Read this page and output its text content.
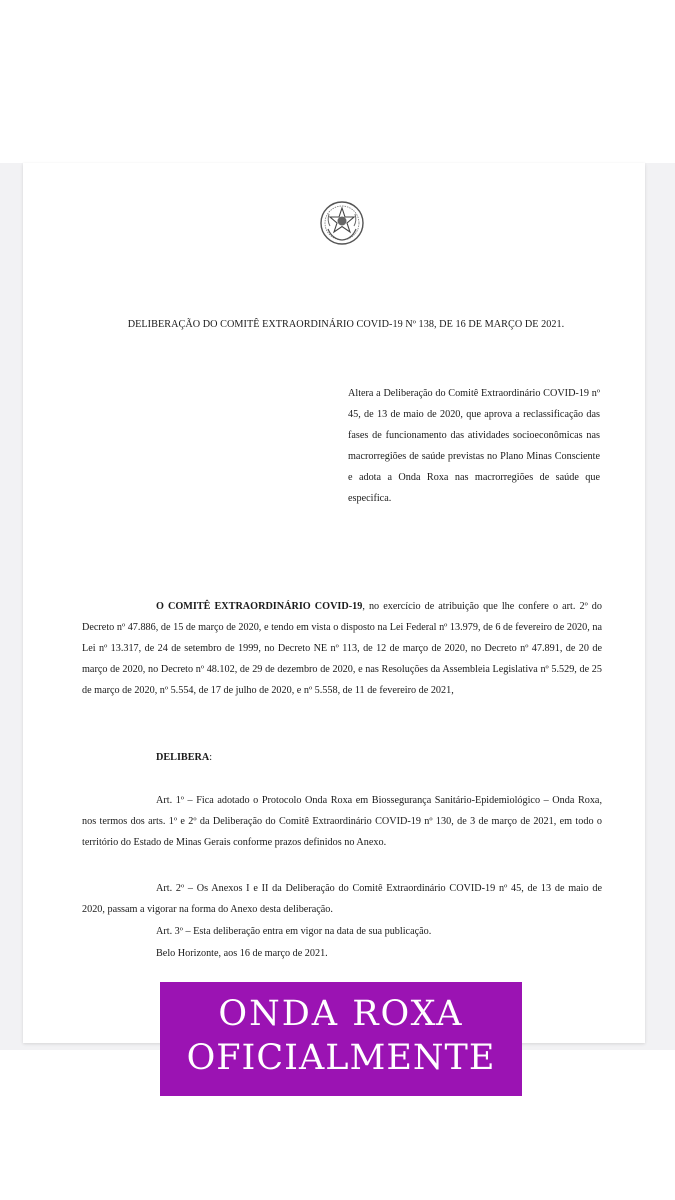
DELIBERAÇÃO DO COMITÊ EXTRAORDINÁRIO COVID-19 Nº 138, DE 16 DE MARÇO DE 2021.

Altera a Deliberação do Comitê Extraordinário COVID-19 nº 45, de 13 de maio de 2020, que aprova a reclassificação das fases de funcionamento das atividades socioeconômicas nas macrorregiões de saúde previstas no Plano Minas Consciente e adota a Onda Roxa nas macrorregiões de saúde que especifica.

O COMITÊ EXTRAORDINÁRIO COVID-19, no exercício de atribuição que lhe confere o art. 2º do Decreto nº 47.886, de 15 de março de 2020, e tendo em vista o disposto na Lei Federal nº 13.979, de 6 de fevereiro de 2020, na Lei nº 13.317, de 24 de setembro de 1999, no Decreto NE nº 113, de 12 de março de 2020, no Decreto nº 47.891, de 20 de março de 2020, no Decreto nº 48.102, de 29 de dezembro de 2020, e nas Resoluções da Assembleia Legislativa nº 5.529, de 25 de março de 2020, nº 5.554, de 17 de julho de 2020, e nº 5.558, de 11 de fevereiro de 2021,

DELIBERA:

Art. 1º – Fica adotado o Protocolo Onda Roxa em Biossegurança Sanitário-Epidemiológico – Onda Roxa, nos termos dos arts. 1º e 2º da Deliberação do Comitê Extraordinário COVID-19 nº 130, de 3 de março de 2021, em todo o território do Estado de Minas Gerais conforme prazos definidos no Anexo.

Art. 2º – Os Anexos I e II da Deliberação do Comitê Extraordinário COVID-19 nº 45, de 13 de maio de 2020, passam a vigorar na forma do Anexo desta deliberação.

Art. 3º – Esta deliberação entra em vigor na data de sua publicação.

Belo Horizonte, aos 16 de março de 2021.

ONDA ROXA
OFICIALMENTE
